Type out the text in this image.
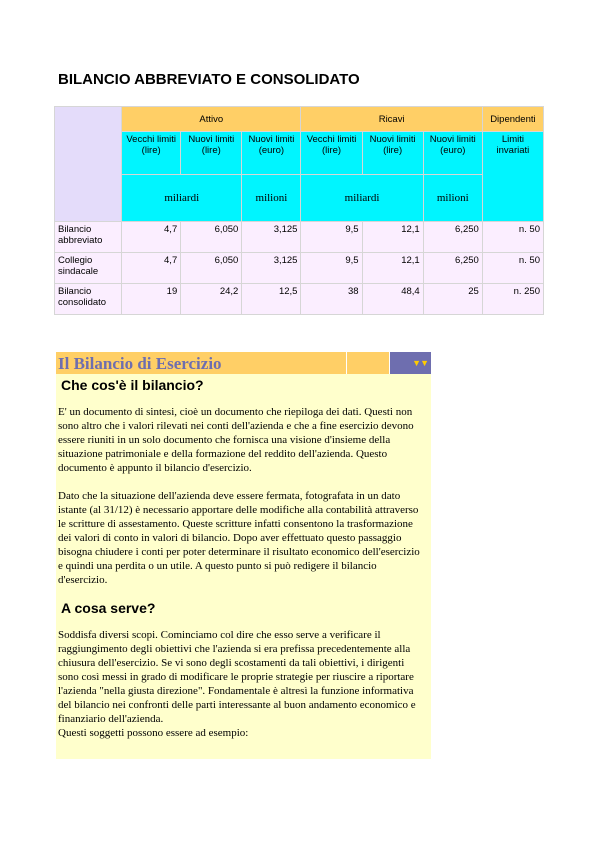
BILANCIO ABBREVIATO E CONSOLIDATO
	Attivo			Ricavi			Dipendenti
	Vecchi limiti (lire)	Nuovi limiti (lire)	Nuovi limiti (euro)	Vecchi limiti (lire)	Nuovi limiti (lire)	Nuovi limiti (euro)	Limiti invariati
	miliardi		milioni	miliardi		milioni	
Bilancio abbreviato	4,7	6,050	3,125	9,5	12,1	6,250	n. 50
Collegio sindacale	4,7	6,050	3,125	9,5	12,1	6,250	n. 50
Bilancio consolidato	19	24,2	12,5	38	48,4	25	n. 250
Il Bilancio di Esercizio	▼▼
Che cos'è il bilancio?

E' un documento di sintesi, cioè un documento che riepiloga dei dati. Questi non sono altro che i valori rilevati nei conti dell'azienda e che a fine esercizio devono essere riuniti in un solo documento che fornisca una visione d'insieme della situazione patrimoniale e della formazione del reddito dell'azienda. Questo documento è appunto il bilancio d'esercizio.

Dato che la situazione dell'azienda deve essere fermata, fotografata in un dato istante (al 31/12) è necessario apportare delle modifiche alla contabilità attraverso le scritture di assestamento. Queste scritture infatti consentono la trasformazione dei valori di conto in valori di bilancio. Dopo aver effettuato questo passaggio bisogna chiudere i conti per poter determinare il risultato economico dell'esercizio e quindi una perdita o un utile. A questo punto si può redigere il bilancio d'esercizio.

A cosa serve?

Soddisfa diversi scopi. Cominciamo col dire che esso serve a verificare il raggiungimento degli obiettivi che l'azienda si era prefissa precedentemente alla chiusura dell'esercizio. Se vi sono degli scostamenti da tali obiettivi, i dirigenti sono così messi in grado di modificare le proprie strategie per riuscire a riportare l'azienda "nella giusta direzione". Fondamentale è altresì la funzione informativa del bilancio nei confronti delle parti interessante al buon andamento economico e finanziario dell'azienda.

Questi soggetti possono essere ad esempio:
